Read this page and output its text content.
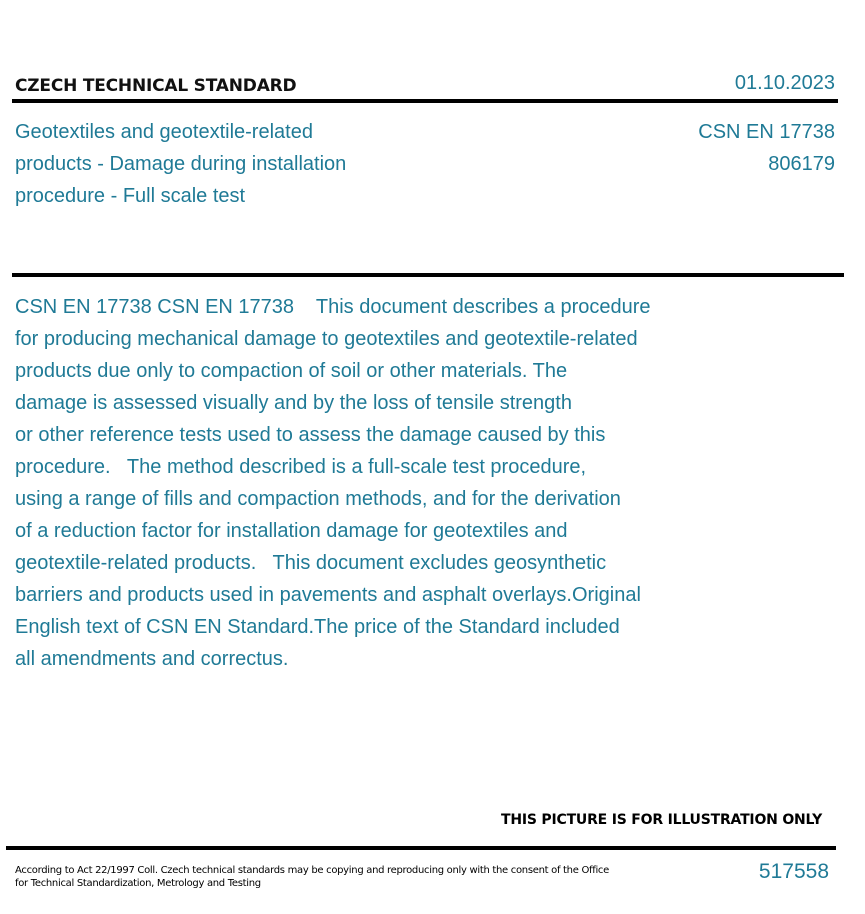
CZECH TECHNICAL STANDARD	01.10.2023
Geotextiles and geotextile-related
products - Damage during installation
procedure - Full scale test
CSN EN 17738
806179
CSN EN 17738 CSN EN 17738    This document describes a procedure
for producing mechanical damage to geotextiles and geotextile-related
products due only to compaction of soil or other materials. The
damage is assessed visually and by the loss of tensile strength
or other reference tests used to assess the damage caused by this
procedure.   The method described is a full-scale test procedure,
using a range of fills and compaction methods, and for the derivation
of a reduction factor for installation damage for geotextiles and
geotextile-related products.   This document excludes geosynthetic
barriers and products used in pavements and asphalt overlays.Original
English text of CSN EN Standard.The price of the Standard included
all amendments and correctus.
THIS PICTURE IS FOR ILLUSTRATION ONLY
According to Act 22/1997 Coll. Czech technical standards may be copying and reproducing only with the consent of the Office
for Technical Standardization, Metrology and Testing
517558
